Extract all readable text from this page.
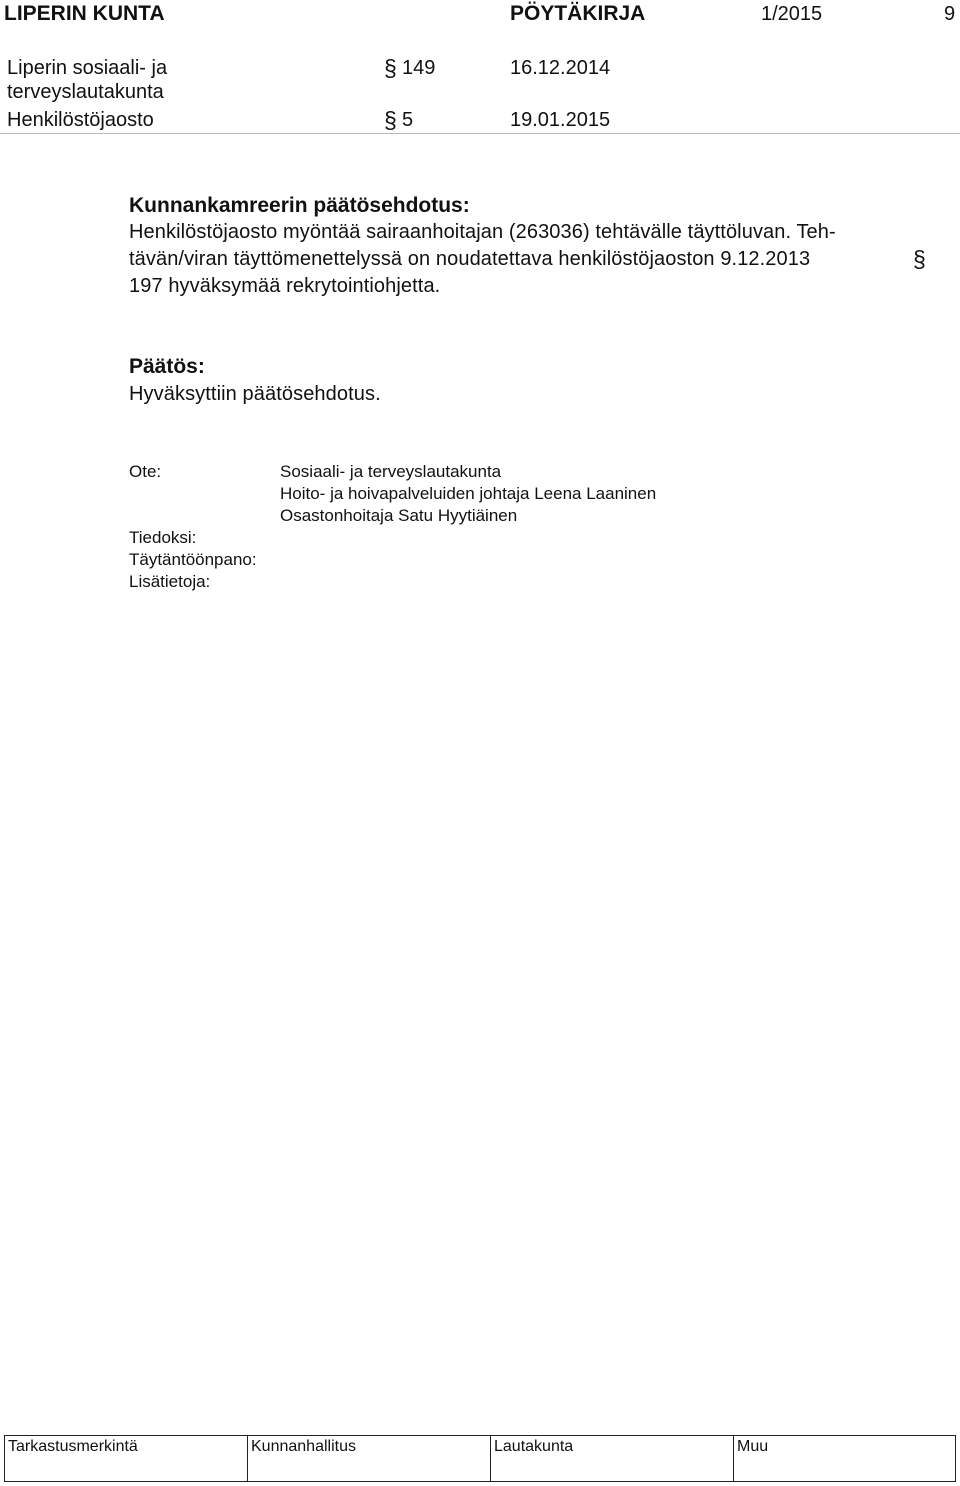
LIPERIN KUNTA	PÖYTÄKIRJA	1/2015	9
Liperin sosiaali- ja
terveyslautakunta
§ 149	16.12.2014
Henkilöstöjaosto	§ 5	19.01.2015
Kunnankamreerin päätösehdotus:
Henkilöstöjaosto myöntää sairaanhoitajan (263036) tehtävälle täyttöluvan. Teh-
tävän/viran täyttömenettelyssä on noudatettava henkilöstöjaoston 9.12.2013	§
197 hyväksymää rekrytointiohjetta.
Päätös:
Hyväksyttiin päätösehdotus.
Ote:	Sosiaali- ja terveyslautakunta
Hoito- ja hoivapalveluiden johtaja Leena Laaninen
Osastonhoitaja Satu Hyytiäinen
Tiedoksi:
Täytäntöönpano:
Lisätietoja:
Tarkastusmerkintä	Kunnanhallitus	Lautakunta	Muu
